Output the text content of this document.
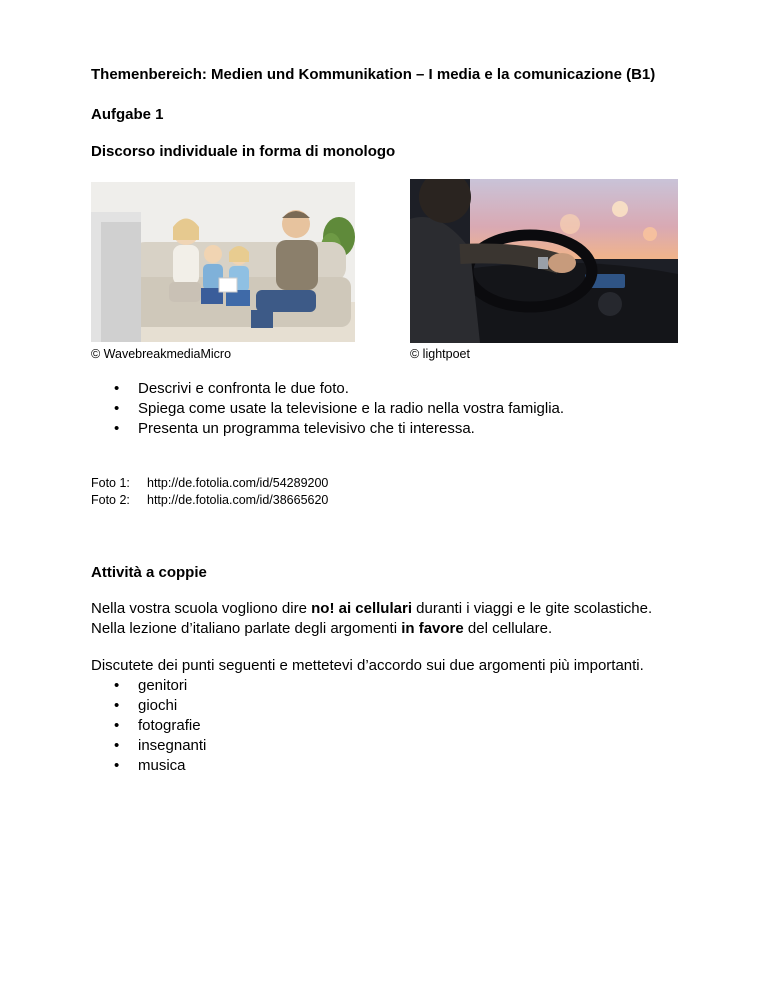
Themenbereich: Medien und Kommunikation – I media e la comunicazione (B1)
Aufgabe 1
Discorso individuale in forma di monologo
© WavebreakmediaMicro	© lightpoet
• Descrivi e confronta le due foto.
• Spiega come usate la televisione e la radio nella vostra famiglia.
• Presenta un programma televisivo che ti interessa.
Foto 1:	http://de.fotolia.com/id/54289200
Foto 2:	http://de.fotolia.com/id/38665620
Attività a coppie
Nella vostra scuola vogliono dire no! ai cellulari duranti i viaggi e le gite scolastiche.
Nella lezione d’italiano parlate degli argomenti in favore del cellulare.
Discutete dei punti seguenti e mettetevi d’accordo sui due argomenti più importanti.
• genitori
• giochi
• fotografie
• insegnanti
• musica
